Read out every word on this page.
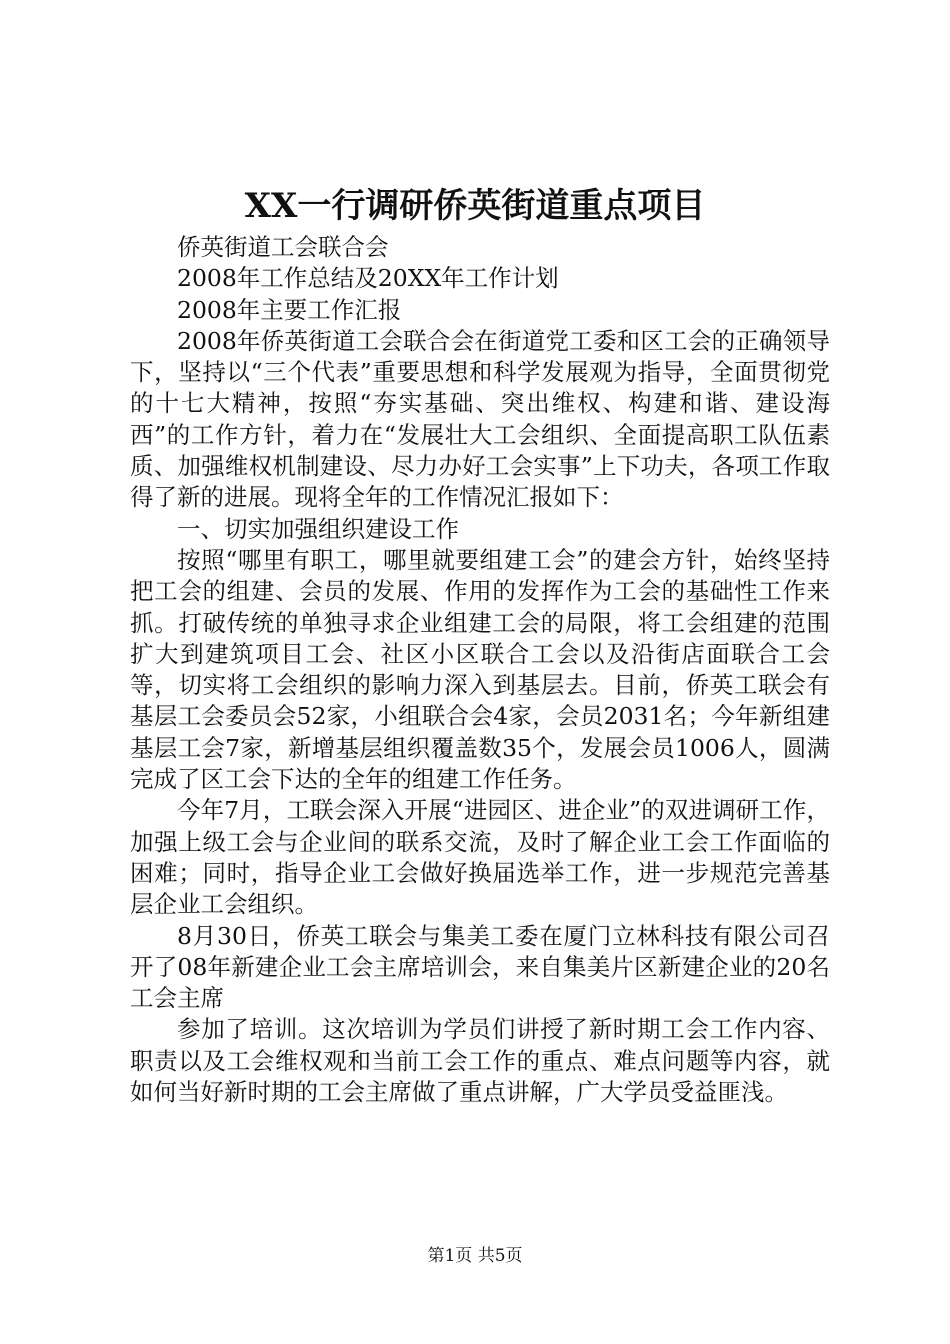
XX一行调研侨英街道重点项目

侨英街道工会联合会

2008年工作总结及20XX年工作计划

2008年主要工作汇报

2008年侨英街道工会联合会在街道党工委和区工会的正确领导下，坚持以“三个代表”重要思想和科学发展观为指导，全面贯彻党的十七大精神，按照“夯实基础、突出维权、构建和谐、建设海西”的工作方针，着力在“发展壮大工会组织、全面提高职工队伍素质、加强维权机制建设、尽力办好工会实事”上下功夫，各项工作取得了新的进展。现将全年的工作情况汇报如下：

一、切实加强组织建设工作

按照“哪里有职工，哪里就要组建工会”的建会方针，始终坚持把工会的组建、会员的发展、作用的发挥作为工会的基础性工作来抓。打破传统的单独寻求企业组建工会的局限，将工会组建的范围扩大到建筑项目工会、社区小区联合工会以及沿街店面联合工会等，切实将工会组织的影响力深入到基层去。目前，侨英工联会有基层工会委员会52家，小组联合会4家，会员2031名；今年新组建基层工会7家，新增基层组织覆盖数35个，发展会员1006人，圆满完成了区工会下达的全年的组建工作任务。

今年7月，工联会深入开展“进园区、进企业”的双进调研工作，加强上级工会与企业间的联系交流，及时了解企业工会工作面临的困难；同时，指导企业工会做好换届选举工作，进一步规范完善基层企业工会组织。

8月30日，侨英工联会与集美工委在厦门立林科技有限公司召开了08年新建企业工会主席培训会，来自集美片区新建企业的20名工会主席

参加了培训。这次培训为学员们讲授了新时期工会工作内容、职责以及工会维权观和当前工会工作的重点、难点问题等内容，就如何当好新时期的工会主席做了重点讲解，广大学员受益匪浅。

第1页 共5页
